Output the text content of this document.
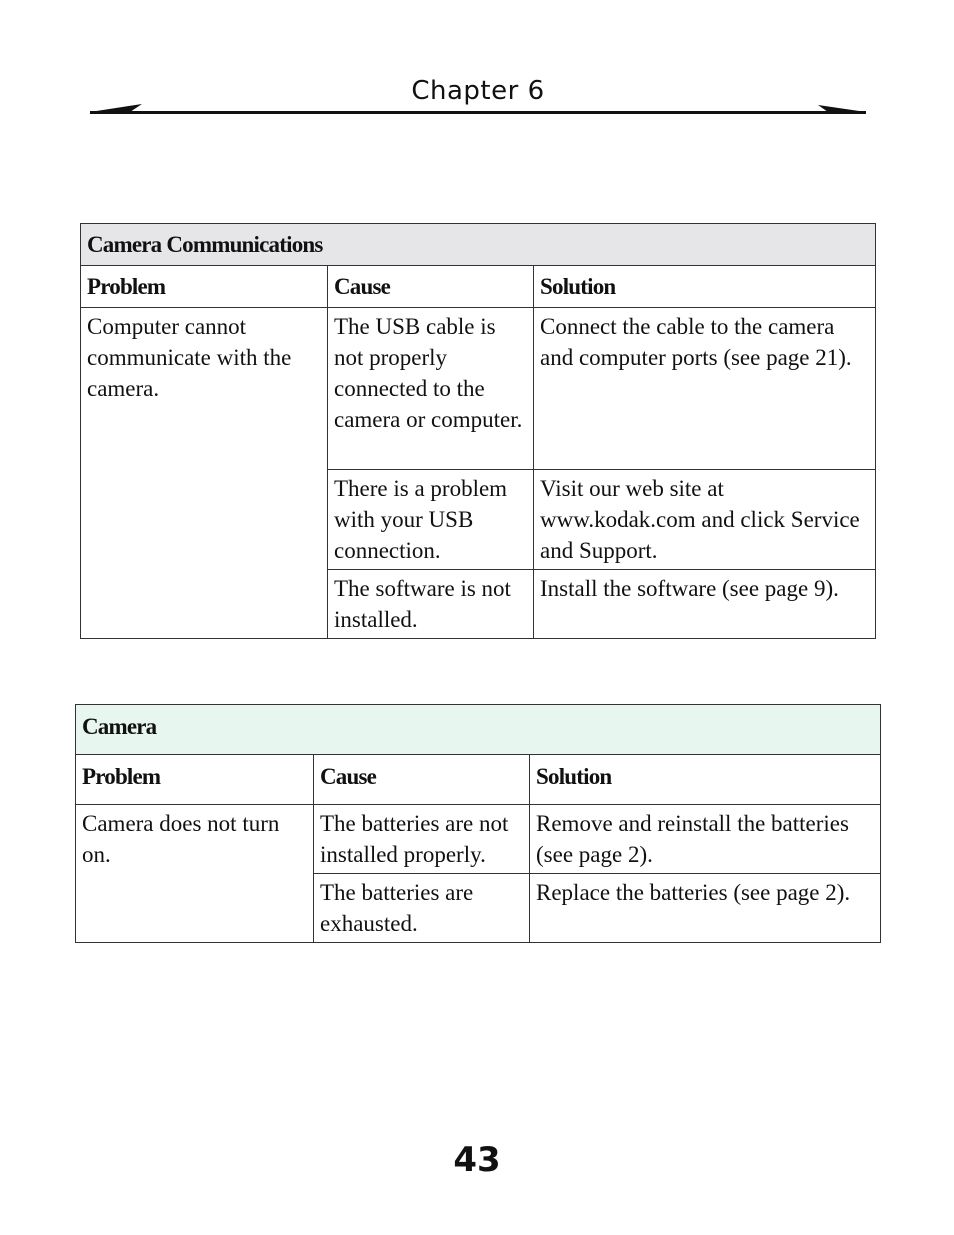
Chapter 6
Camera Communications		
Problem	Cause	Solution
Computer cannot communicate with the camera.	The USB cable is not properly connected to the camera or computer.	Connect the cable to the camera and computer ports (see page 21).
	There is a problem with your USB connection.	Visit our web site at www.kodak.com and click Service and Support.
	The software is not installed.	Install the software (see page 9).
Camera		
Problem	Cause	Solution
Camera does not turn on.	The batteries are not installed properly.	Remove and reinstall the batteries (see page 2).
	The batteries are exhausted.	Replace the batteries (see page 2).
43
